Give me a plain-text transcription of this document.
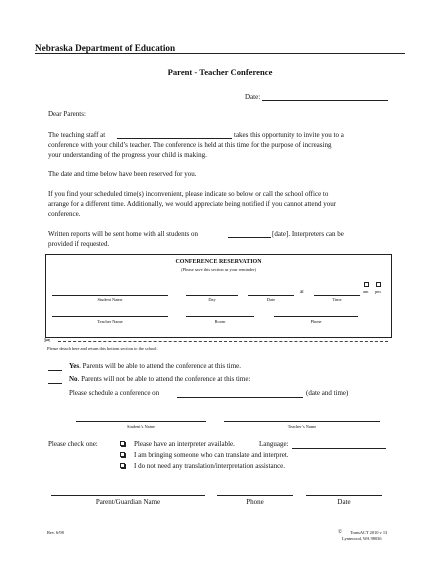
Nebraska Department of Education
Parent - Teacher Conference
Date:
Dear Parents:
The teaching staff at	takes this opportunity to invite you to a
conference with your child’s teacher. The conference is held at this time for the purpose of increasing
your understanding of the progress your child is making.
The date and time below have been reserved for you.
If you find your scheduled time(s) inconvenient, please indicate so below or call the school office to
arrange for a different time. Additionally, we would appreciate being notified if you cannot attend your
conference.
Written reports will be sent home with all students on	[date]. Interpreters can be
provided if requested.
CONFERENCE RESERVATION
(Please save this section as your reminder)
at	am pm
Student Name	Day	Date	Time
Teacher Name	Room	Phone
✂
Please detach here and return this bottom section to the school.
Yes. Parents will be able to attend the conference at this time.
No. Parents will not be able to attend the conference at this time:
Please schedule a conference on	(date and time)
Student’s Name	Teacher’s Name
Please check one:	Please have an interpreter available.	Language:
I am bringing someone who can translate and interpret.
I do not need any translation/interpretation assistance.
Parent/Guardian Name	Phone	Date
Rev. 6/98	© TransACT 2010 v 13
Lynnwood, WA 98036
